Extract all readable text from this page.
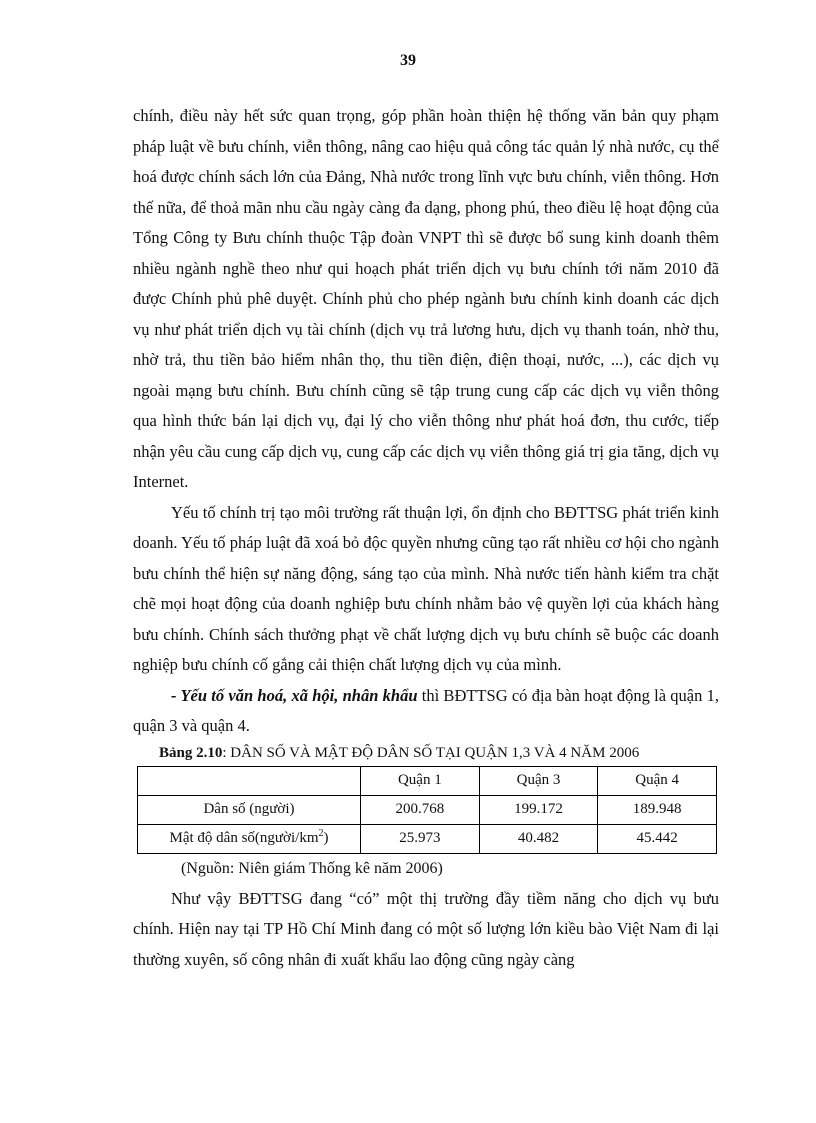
39

chính, điều này hết sức quan trọng, góp phần hoàn thiện hệ thống văn bản quy phạm pháp luật về bưu chính, viễn thông, nâng cao hiệu quả công tác quản lý nhà nước, cụ thể hoá được chính sách lớn của Đảng, Nhà nước trong lĩnh vực bưu chính, viễn thông. Hơn thế nữa, để thoả mãn nhu cầu ngày càng đa dạng, phong phú, theo điều lệ hoạt động của Tổng Công ty Bưu chính thuộc Tập đoàn VNPT thì sẽ được bổ sung kinh doanh thêm nhiều ngành nghề theo như qui hoạch phát triển dịch vụ bưu chính tới năm 2010 đã được Chính phủ phê duyệt. Chính phủ cho phép ngành bưu chính kinh doanh các dịch vụ như phát triển dịch vụ tài chính (dịch vụ trả lương hưu, dịch vụ thanh toán, nhờ thu, nhờ trả, thu tiền bảo hiểm nhân thọ, thu tiền điện, điện thoại, nước, ...), các dịch vụ ngoài mạng bưu chính. Bưu chính cũng sẽ tập trung cung cấp các dịch vụ viễn thông qua hình thức bán lại dịch vụ, đại lý cho viễn thông như phát hoá đơn, thu cước, tiếp nhận yêu cầu cung cấp dịch vụ, cung cấp các dịch vụ viễn thông giá trị gia tăng, dịch vụ Internet.

Yếu tố chính trị tạo môi trường rất thuận lợi, ổn định cho BĐTTSG phát triển kinh doanh. Yếu tố pháp luật đã xoá bỏ độc quyền nhưng cũng tạo rất nhiều cơ hội cho ngành bưu chính thể hiện sự năng động, sáng tạo của mình. Nhà nước tiến hành kiểm tra chặt chẽ mọi hoạt động của doanh nghiệp bưu chính nhằm bảo vệ quyền lợi của khách hàng bưu chính. Chính sách thưởng phạt về chất lượng dịch vụ bưu chính sẽ buộc các doanh nghiệp bưu chính cố gắng cải thiện chất lượng dịch vụ của mình.

- Yếu tố văn hoá, xã hội, nhân khẩu thì BĐTTSG có địa bàn hoạt động là quận 1, quận 3 và quận 4.

Bảng 2.10: DÂN SỐ VÀ MẬT ĐỘ DÂN SỐ TẠI QUẬN 1,3 VÀ 4 NĂM 2006

	Quận 1	Quận 3	Quận 4
Dân số (người)	200.768	199.172	189.948
Mật độ dân $số(người/km^2)$	25.973	40.482	45.442

(Nguồn: Niên giám Thống kê năm 2006)

Như vậy BĐTTSG đang “có” một thị trường đầy tiềm năng cho dịch vụ bưu chính. Hiện nay tại TP Hồ Chí Minh đang có một số lượng lớn kiều bào Việt Nam đi lại thường xuyên, số công nhân đi xuất khẩu lao động cũng ngày càng
